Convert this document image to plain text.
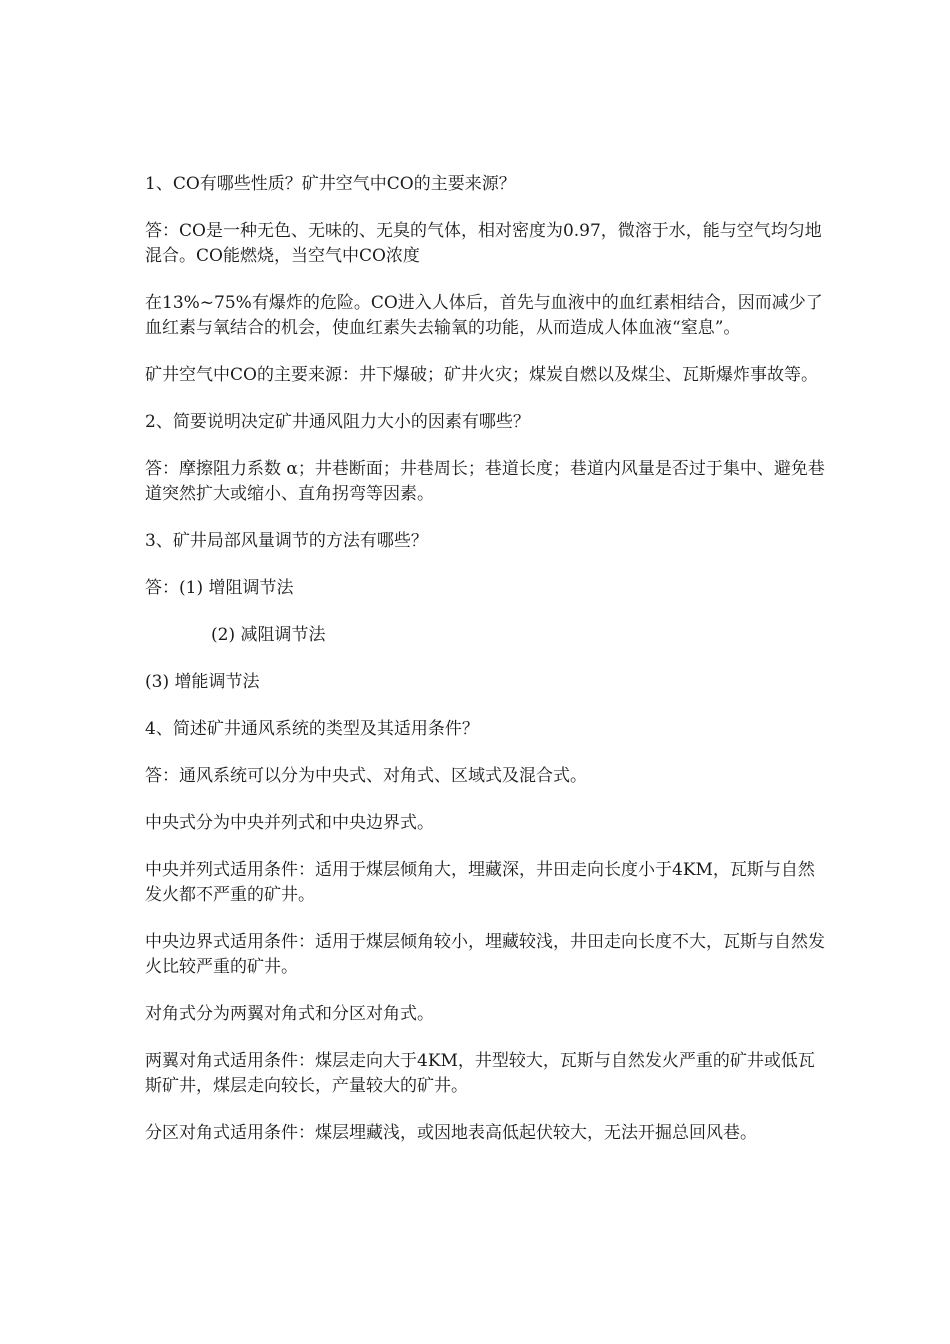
1、CO有哪些性质？矿井空气中CO的主要来源？

答：CO是一种无色、无味的、无臭的气体，相对密度为0.97，微溶于水，能与空气均匀地混合。CO能燃烧，当空气中CO浓度

在13%~75%有爆炸的危险。CO进入人体后，首先与血液中的血红素相结合，因而减少了血红素与氧结合的机会，使血红素失去输氧的功能，从而造成人体血液“窒息”。

矿井空气中CO的主要来源：井下爆破；矿井火灾；煤炭自燃以及煤尘、瓦斯爆炸事故等。

2、简要说明决定矿井通风阻力大小的因素有哪些？

答：摩擦阻力系数 α；井巷断面；井巷周长；巷道长度；巷道内风量是否过于集中、避免巷道突然扩大或缩小、直角拐弯等因素。

3、矿井局部风量调节的方法有哪些？

答：(1) 增阻调节法

(2) 减阻调节法

(3) 增能调节法

4、简述矿井通风系统的类型及其适用条件？

答：通风系统可以分为中央式、对角式、区域式及混合式。

中央式分为中央并列式和中央边界式。

中央并列式适用条件：适用于煤层倾角大，埋藏深，井田走向长度小于4KM，瓦斯与自然发火都不严重的矿井。

中央边界式适用条件：适用于煤层倾角较小，埋藏较浅，井田走向长度不大，瓦斯与自然发火比较严重的矿井。

对角式分为两翼对角式和分区对角式。

两翼对角式适用条件：煤层走向大于4KM，井型较大，瓦斯与自然发火严重的矿井或低瓦斯矿井，煤层走向较长，产量较大的矿井。

分区对角式适用条件：煤层埋藏浅，或因地表高低起伏较大，无法开掘总回风巷。
